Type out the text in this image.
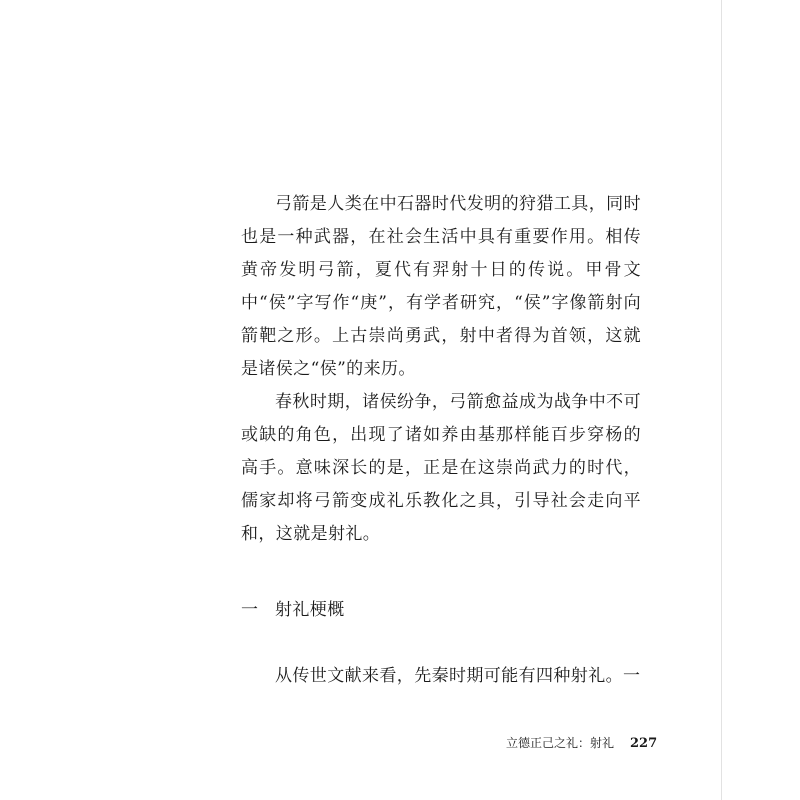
弓箭是人类在中石器时代发明的狩猎工具，同时也是一种武器，在社会生活中具有重要作用。相传黄帝发明弓箭，夏代有羿射十日的传说。甲骨文中“侯”字写作“庚”，有学者研究，“侯”字像箭射向箭靶之形。上古崇尚勇武，射中者得为首领，这就是诸侯之“侯”的来历。

春秋时期，诸侯纷争，弓箭愈益成为战争中不可或缺的角色，出现了诸如养由基那样能百步穿杨的高手。意味深长的是，正是在这崇尚武力的时代，儒家却将弓箭变成礼乐教化之具，引导社会走向平和，这就是射礼。

一 射礼梗概

从传世文献来看，先秦时期可能有四种射礼。一

立德正己之礼：射礼 227
